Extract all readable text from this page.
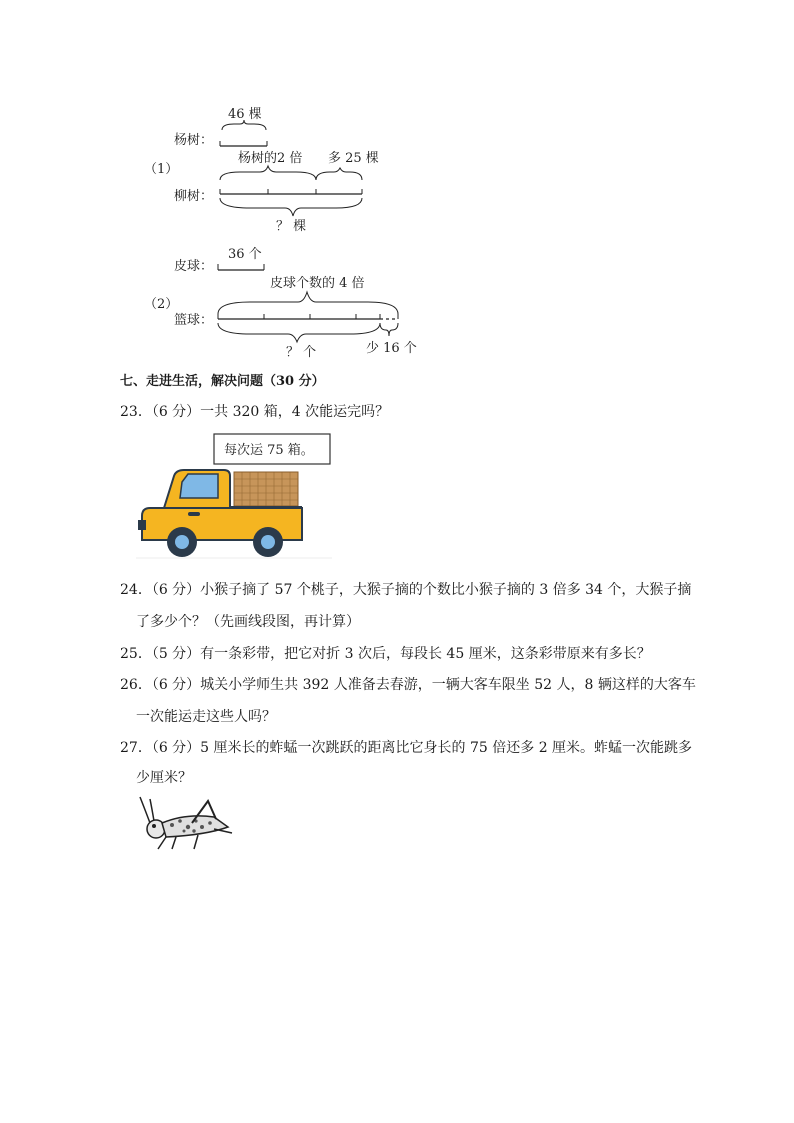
（1）
46 棵
杨树：
杨树的2 倍 多 25 棵
柳树：
？ 棵
（2）
36 个
皮球：
皮球个数的 4 倍
篮球：
？ 个	少 16 个
七、走进生活，解决问题（30 分）
23．（6 分）一共 320 箱，4 次能运完吗？
每次运 75 箱。
24．（6 分）小猴子摘了 57 个桃子，大猴子摘的个数比小猴子摘的 3 倍多 34 个，大猴子摘
了多少个？（先画线段图，再计算）
25．（5 分）有一条彩带，把它对折 3 次后，每段长 45 厘米，这条彩带原来有多长？
26．（6 分）城关小学师生共 392 人准备去春游，一辆大客车限坐 52 人，8 辆这样的大客车
一次能运走这些人吗？
27．（6 分）5 厘米长的蚱蜢一次跳跃的距离比它身长的 75 倍还多 2 厘米。蚱蜢一次能跳多
少厘米？
